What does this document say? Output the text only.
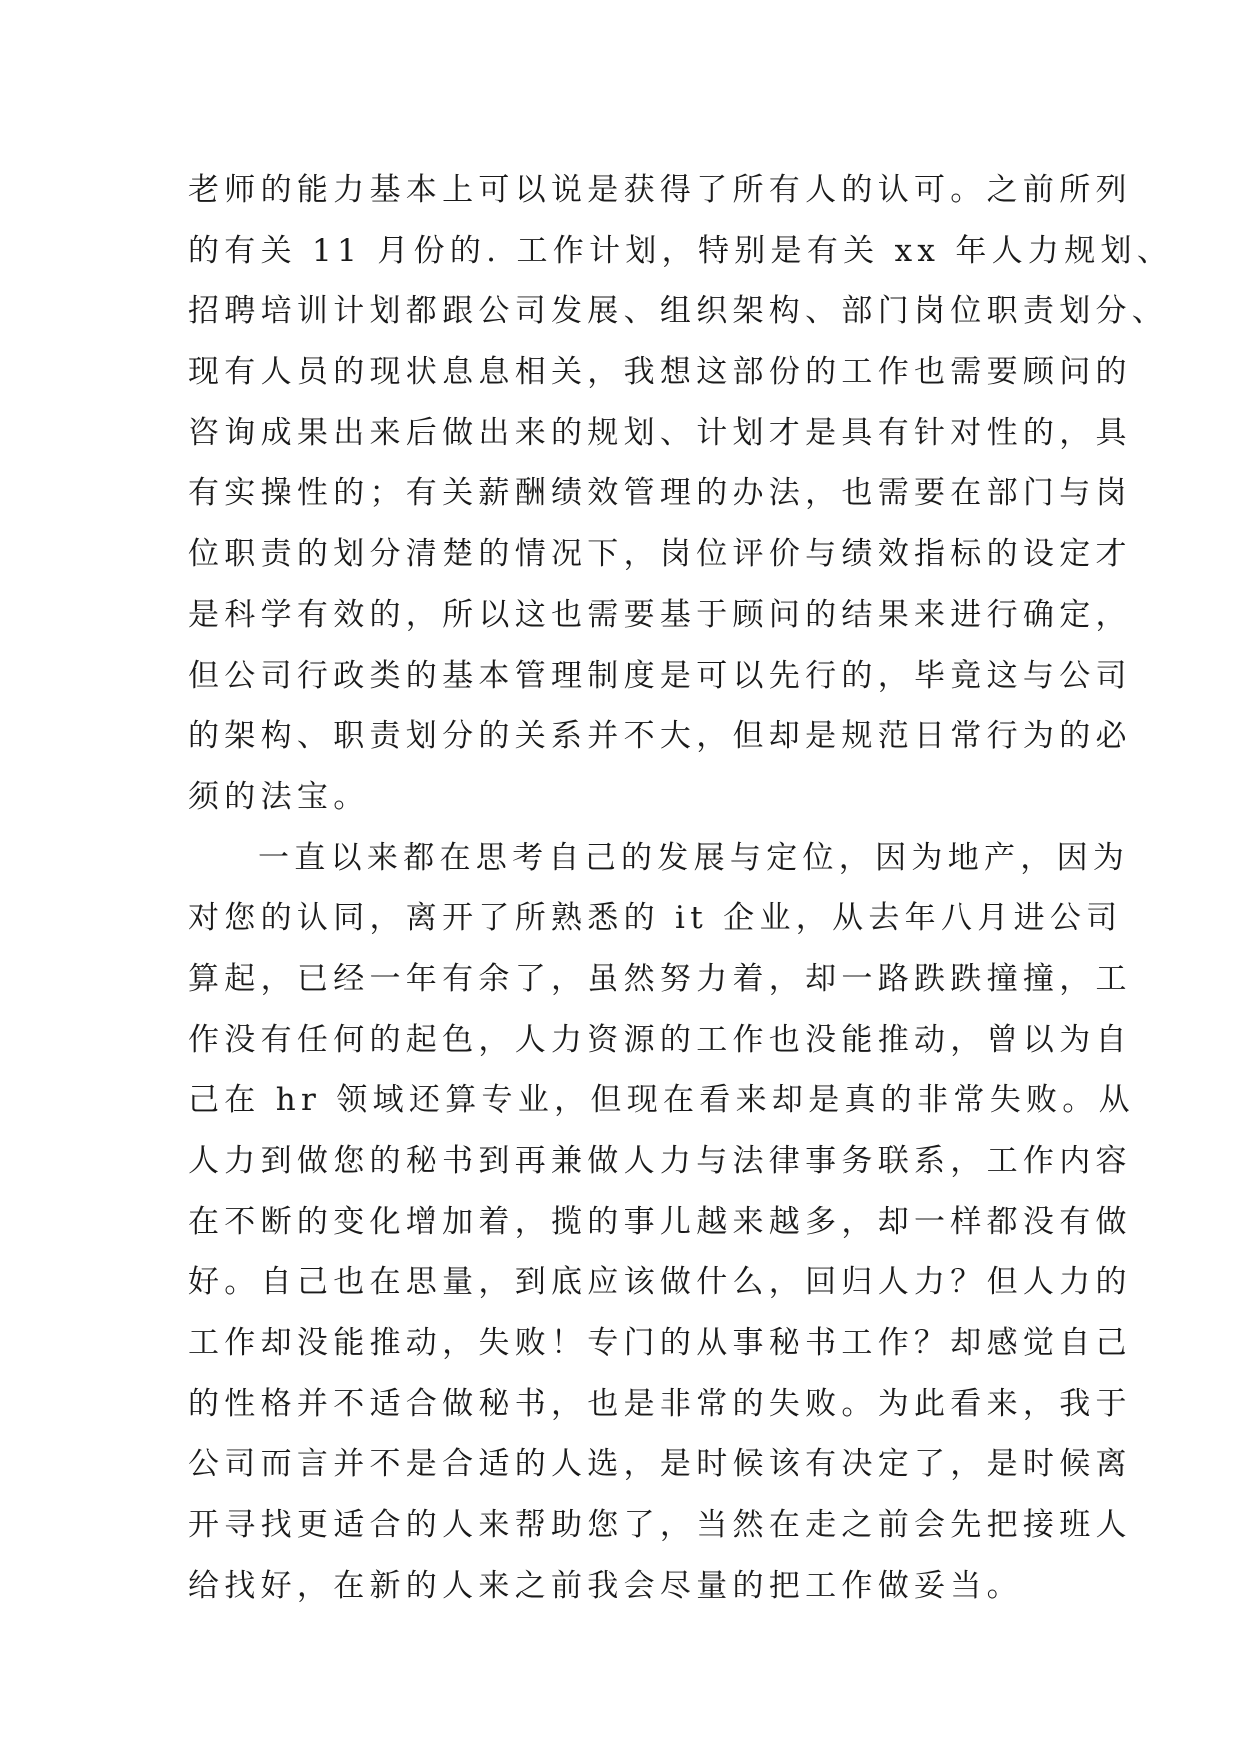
老师的能力基本上可以说是获得了所有人的认可。之前所列
的有关 11 月份的. 工作计划，特别是有关 xx 年人力规划、
招聘培训计划都跟公司发展、组织架构、部门岗位职责划分、
现有人员的现状息息相关，我想这部份的工作也需要顾问的
咨询成果出来后做出来的规划、计划才是具有针对性的，具
有实操性的；有关薪酬绩效管理的办法，也需要在部门与岗
位职责的划分清楚的情况下，岗位评价与绩效指标的设定才
是科学有效的，所以这也需要基于顾问的结果来进行确定，
但公司行政类的基本管理制度是可以先行的，毕竟这与公司
的架构、职责划分的关系并不大，但却是规范日常行为的必
须的法宝。
一直以来都在思考自己的发展与定位，因为地产，因为
对您的认同，离开了所熟悉的 it 企业，从去年八月进公司
算起，已经一年有余了，虽然努力着，却一路跌跌撞撞，工
作没有任何的起色，人力资源的工作也没能推动，曾以为自
己在 hr 领域还算专业，但现在看来却是真的非常失败。从
人力到做您的秘书到再兼做人力与法律事务联系，工作内容
在不断的变化增加着，揽的事儿越来越多，却一样都没有做
好。自己也在思量，到底应该做什么，回归人力？但人力的
工作却没能推动，失败！专门的从事秘书工作？却感觉自己
的性格并不适合做秘书，也是非常的失败。为此看来，我于
公司而言并不是合适的人选，是时候该有决定了，是时候离
开寻找更适合的人来帮助您了，当然在走之前会先把接班人
给找好，在新的人来之前我会尽量的把工作做妥当。
